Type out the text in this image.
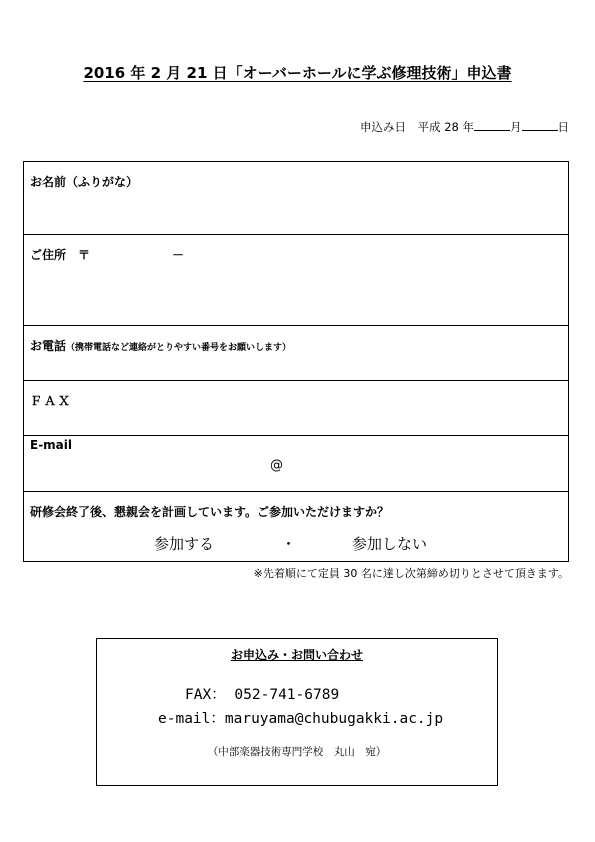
2016 年 2 月 21 日「オーバーホールに学ぶ修理技術」申込書
申込み日　平成 28 年	月	日
お名前（ふりがな）
ご住所　〒	－
お電話（携帯電話など連絡がとりやすい番号をお願いします）
ＦＡＸ
E-mail
@
研修会終了後、懇親会を計画しています。ご参加いただけますか？
参加する	・	参加しない
※先着順にて定員 30 名に達し次第締め切りとさせて頂きます。
お申込み・お問い合わせ
FAX： 052-741-6789
e-mail：maruyama@chubugakki.ac.jp
（中部楽器技術専門学校　丸山　宛）
